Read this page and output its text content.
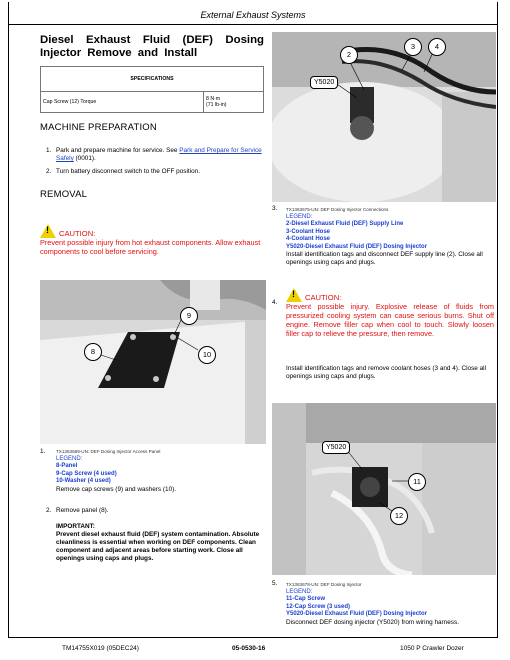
External Exhaust Systems
Diesel Exhaust Fluid (DEF) Dosing Injector Remove and Install
SPECIFICATIONS
Cap Screw (12) Torque	8 N·m
(71 lb-in)
MACHINE PREPARATION
1. Park and prepare machine for service. See Park and Prepare for Service Safely (0001).
2. Turn battery disconnect switch to the OFF position.
REMOVAL
! CAUTION:
Prevent possible injury from hot exhaust components. Allow exhaust components to cool before servicing.
8
9
10
1.	TX1363689-UN: DEF Dosing Injector Access Panel
LEGEND:
8-Panel
9-Cap Screw (4 used)
10-Washer (4 used)
Remove cap screws (9) and washers (10).
2. Remove panel (8).
IMPORTANT:
Prevent diesel exhaust fluid (DEF) system contamination. Absolute cleanliness is essential when working on DEF components. Clean component and adjacent areas before starting work. Close all openings using caps and plugs.
2
3	4
Y5020
3.	TX1363675-UN: DEF Dosing Injector Connections
LEGEND:
2-Diesel Exhaust Fluid (DEF) Supply Line
3-Coolant Hose
4-Coolant Hose
Y5020-Diesel Exhaust Fluid (DEF) Dosing Injector
Install identification tags and disconnect DEF supply line (2). Close all openings using caps and plugs.
4.
! CAUTION:
Prevent possible injury. Explosive release of fluids from pressurized cooling system can cause serious burns. Shut off engine. Remove filler cap when cool to touch. Slowly loosen filler cap to relieve the pressure, then remove.
Install identification tags and remove coolant hoses (3 and 4). Close all openings using caps and plugs.
Y5020
11
12
5.	TX1363678-UN: DEF Dosing Injector
LEGEND:
11-Cap Screw
12-Cap Screw (3 used)
Y5020-Diesel Exhaust Fluid (DEF) Dosing Injector
Disconnect DEF dosing injector (Y5020) from wiring harness.
TM14755X019 (05DEC24)	05-0530-16	1050 P Crawler Dozer
